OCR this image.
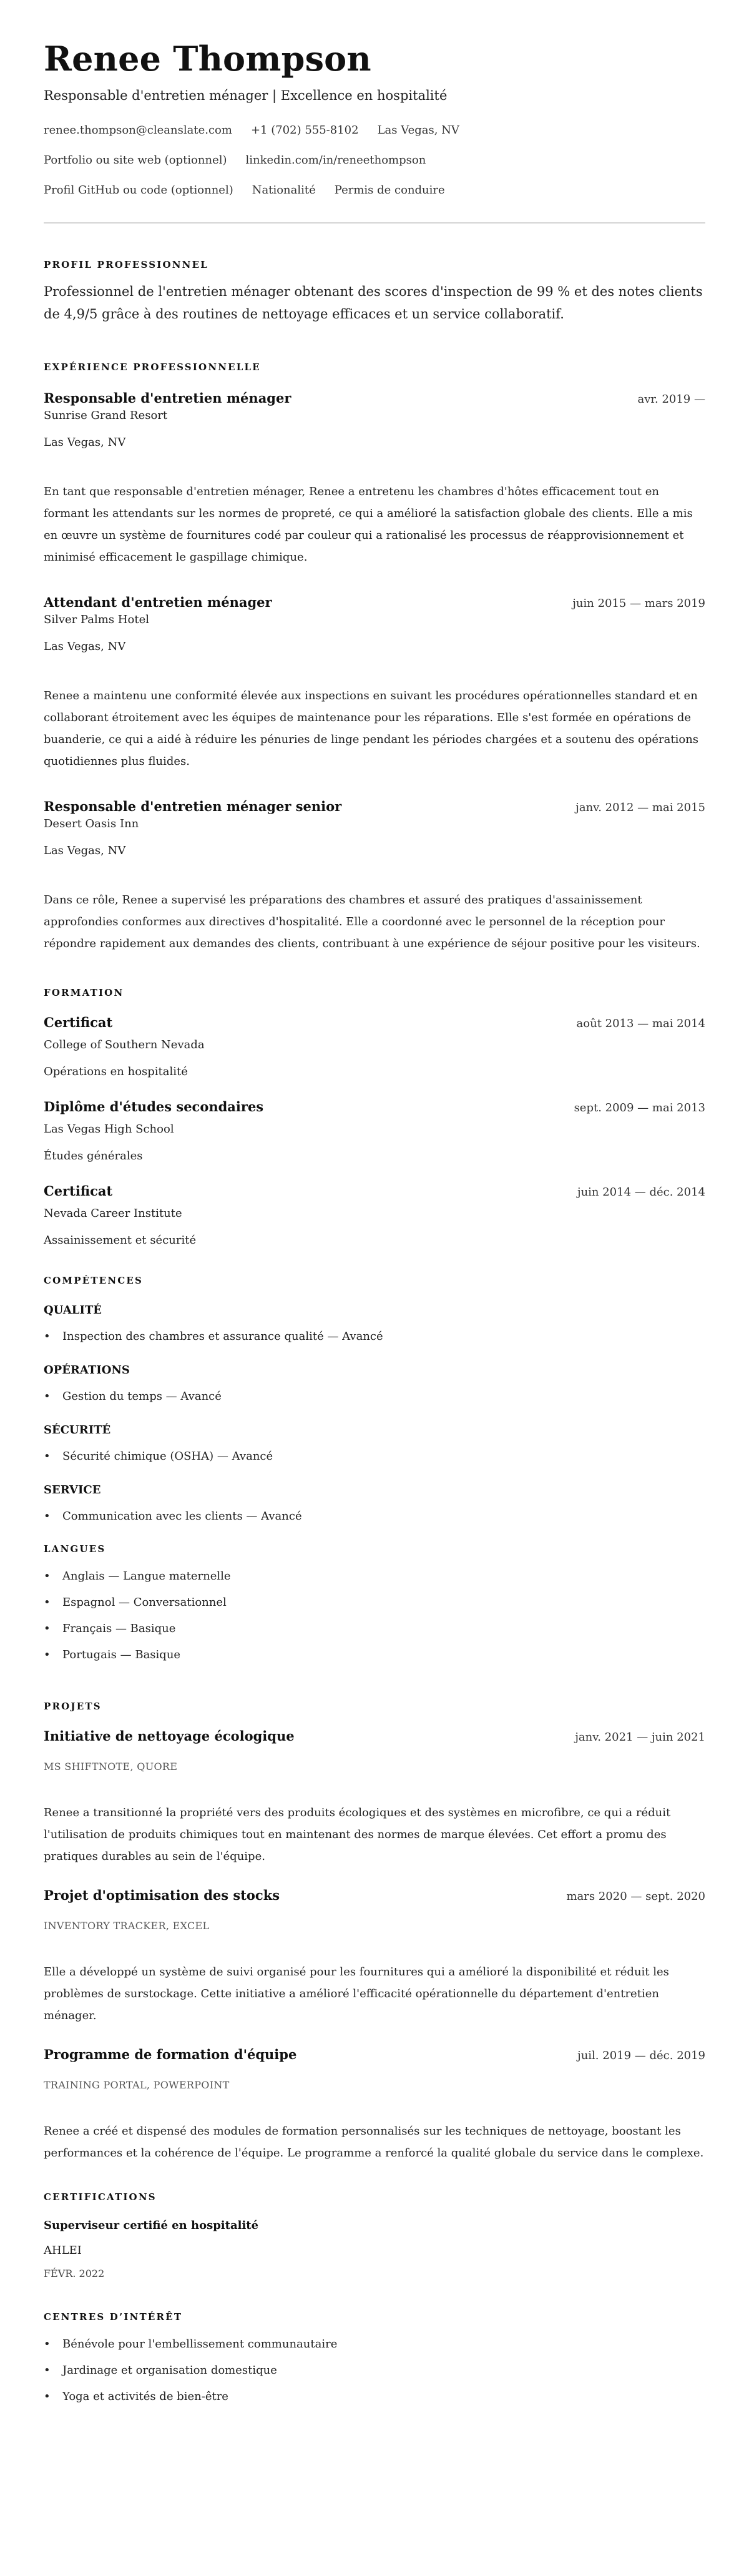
Renee Thompson
Responsable d'entretien ménager | Excellence en hospitalité
renee.thompson@cleanslate.com +1 (702) 555-8102 Las Vegas, NV
Portfolio ou site web (optionnel) linkedin.com/in/reneethompson
Profil GitHub ou code (optionnel) Nationalité Permis de conduire
PROFIL PROFESSIONNEL

Professionnel de l'entretien ménager obtenant des scores d'inspection de 99 % et des notes clients de 4,9/5 grâce à des routines de nettoyage efficaces et un service collaboratif.

EXPÉRIENCE PROFESSIONNELLE
Responsable d'entretien ménager	avr. 2019 —
Sunrise Grand Resort
Las Vegas, NV

En tant que responsable d'entretien ménager, Renee a entretenu les chambres d'hôtes efficacement tout en formant les attendants sur les normes de propreté, ce qui a amélioré la satisfaction globale des clients. Elle a mis en œuvre un système de fournitures codé par couleur qui a rationalisé les processus de réapprovisionnement et minimisé efficacement le gaspillage chimique.

Attendant d'entretien ménager	juin 2015 — mars 2019
Silver Palms Hotel
Las Vegas, NV

Renee a maintenu une conformité élevée aux inspections en suivant les procédures opérationnelles standard et en collaborant étroitement avec les équipes de maintenance pour les réparations. Elle s'est formée en opérations de buanderie, ce qui a aidé à réduire les pénuries de linge pendant les périodes chargées et a soutenu des opérations quotidiennes plus fluides.

Responsable d'entretien ménager senior	janv. 2012 — mai 2015
Desert Oasis Inn
Las Vegas, NV

Dans ce rôle, Renee a supervisé les préparations des chambres et assuré des pratiques d'assainissement approfondies conformes aux directives d'hospitalité. Elle a coordonné avec le personnel de la réception pour répondre rapidement aux demandes des clients, contribuant à une expérience de séjour positive pour les visiteurs.

FORMATION
Certificat	août 2013 — mai 2014
College of Southern Nevada
Opérations en hospitalité
Diplôme d'études secondaires	sept. 2009 — mai 2013
Las Vegas High School
Études générales
Certificat	juin 2014 — déc. 2014
Nevada Career Institute
Assainissement et sécurité
COMPÉTENCES
QUALITÉ
• Inspection des chambres et assurance qualité — Avancé
OPÉRATIONS
• Gestion du temps — Avancé
SÉCURITÉ
• Sécurité chimique (OSHA) — Avancé
SERVICE
• Communication avec les clients — Avancé
LANGUES
• Anglais — Langue maternelle
• Espagnol — Conversationnel
• Français — Basique
• Portugais — Basique
PROJETS
Initiative de nettoyage écologique	janv. 2021 — juin 2021
MS SHIFTNOTE, QUORE

Renee a transitionné la propriété vers des produits écologiques et des systèmes en microfibre, ce qui a réduit l'utilisation de produits chimiques tout en maintenant des normes de marque élevées. Cet effort a promu des pratiques durables au sein de l'équipe.

Projet d'optimisation des stocks	mars 2020 — sept. 2020
INVENTORY TRACKER, EXCEL

Elle a développé un système de suivi organisé pour les fournitures qui a amélioré la disponibilité et réduit les problèmes de surstockage. Cette initiative a amélioré l'efficacité opérationnelle du département d'entretien ménager.

Programme de formation d'équipe	juil. 2019 — déc. 2019
TRAINING PORTAL, POWERPOINT

Renee a créé et dispensé des modules de formation personnalisés sur les techniques de nettoyage, boostant les performances et la cohérence de l'équipe. Le programme a renforcé la qualité globale du service dans le complexe.

CERTIFICATIONS
Superviseur certifié en hospitalité
AHLEI
FÉVR. 2022
CENTRES D’INTÉRÊT
• Bénévole pour l'embellissement communautaire
• Jardinage et organisation domestique
• Yoga et activités de bien-être
